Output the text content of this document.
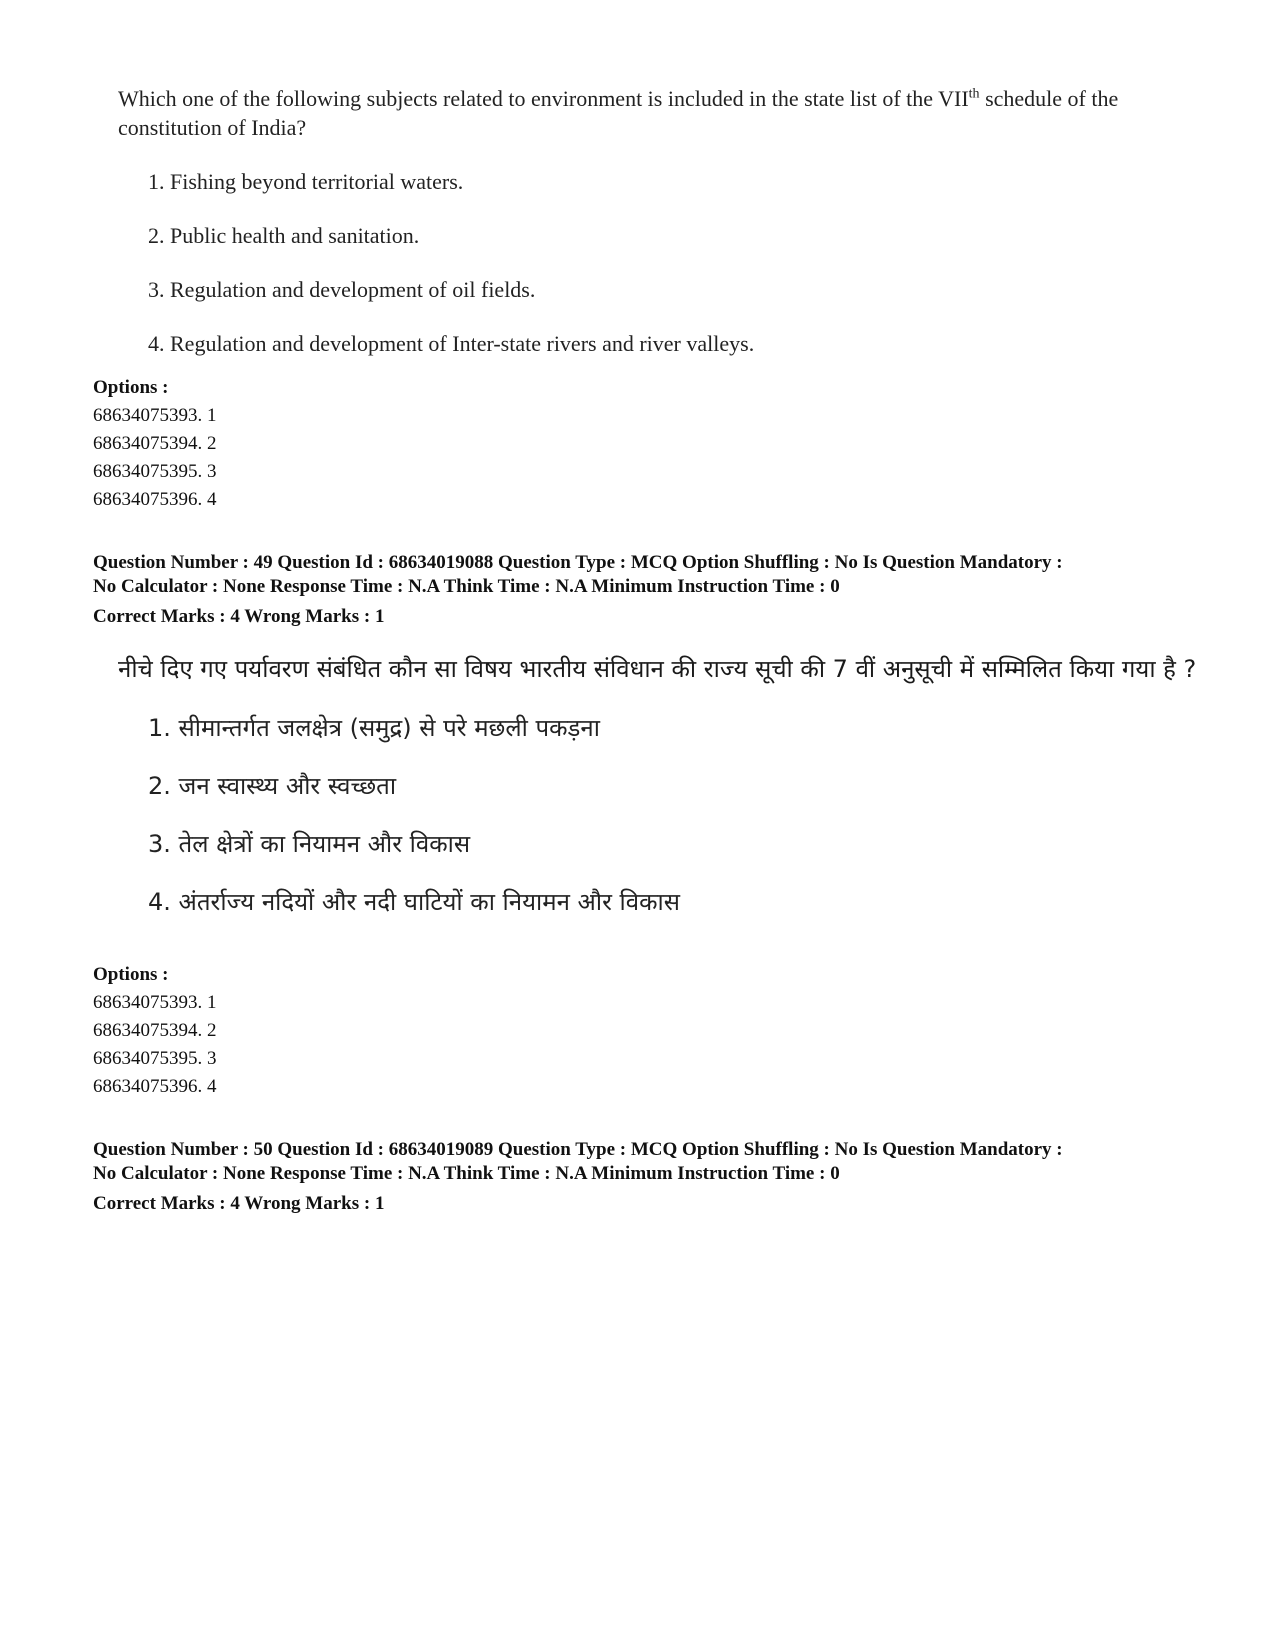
Which one of the following subjects related to environment is included in the state list of the VIIth schedule of the constitution of India?

1. Fishing beyond territorial waters.
2. Public health and sanitation.
3. Regulation and development of oil fields.
4. Regulation and development of Inter-state rivers and river valleys.
Options :
68634075393. 1
68634075394. 2
68634075395. 3
68634075396. 4
Question Number : 49 Question Id : 68634019088 Question Type : MCQ Option Shuffling : No Is Question Mandatory :
No Calculator : None Response Time : N.A Think Time : N.A Minimum Instruction Time : 0
Correct Marks : 4 Wrong Marks : 1

नीचे दिए गए पर्यावरण संबंधित कौन सा विषय भारतीय संविधान की राज्य सूची की 7 वीं अनुसूची में सम्मिलित किया गया है ?

1. सीमान्तर्गत जलक्षेत्र (समुद्र) से परे मछली पकड़ना
2. जन स्वास्थ्य और स्वच्छता
3. तेल क्षेत्रों का नियामन और विकास
4. अंतर्राज्य नदियों और नदी घाटियों का नियामन और विकास
Options :
68634075393. 1
68634075394. 2
68634075395. 3
68634075396. 4
Question Number : 50 Question Id : 68634019089 Question Type : MCQ Option Shuffling : No Is Question Mandatory :
No Calculator : None Response Time : N.A Think Time : N.A Minimum Instruction Time : 0
Correct Marks : 4 Wrong Marks : 1
